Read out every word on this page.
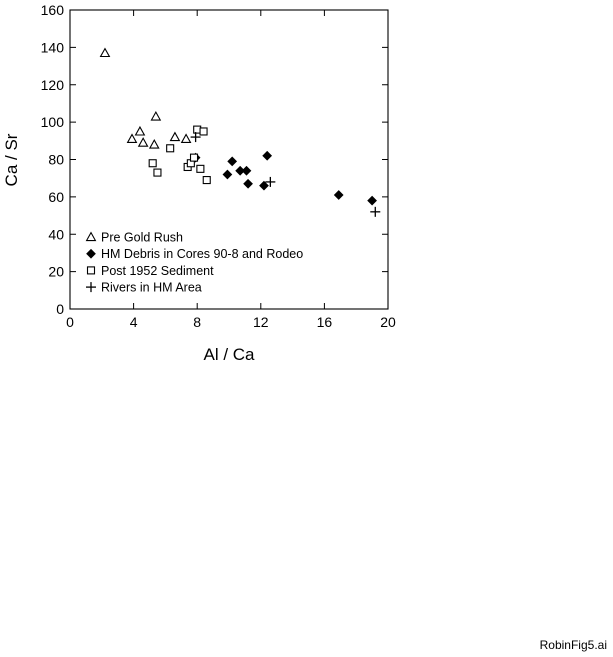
0	4	8	12	16	20
0
20
40
60
80
100
120
140
160
Pre Gold Rush
HM Debris in Cores 90-8 and Rodeo
Post 1952 Sediment
Rivers in HM Area
Al / Ca
Ca / Sr
RobinFig5.ai
